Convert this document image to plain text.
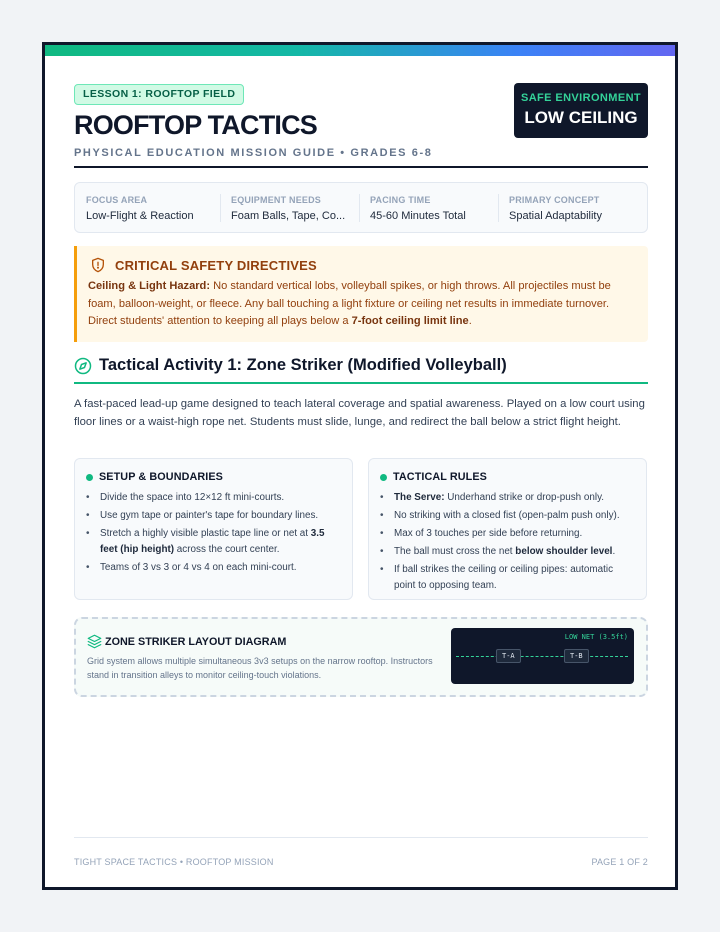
LESSON 1: ROOFTOP FIELD
ROOFTOP TACTICS
PHYSICAL EDUCATION MISSION GUIDE • GRADES 6-8
SAFE ENVIRONMENT
LOW CEILING
FOCUS AREA
Low-Flight & Reaction
EQUIPMENT NEEDS
Foam Balls, Tape, Co...
PACING TIME
45-60 Minutes Total
PRIMARY CONCEPT
Spatial Adaptability
CRITICAL SAFETY DIRECTIVES

Ceiling & Light Hazard: No standard vertical lobs, volleyball spikes, or high throws. All projectiles must be foam, balloon-weight, or fleece. Any ball touching a light fixture or ceiling net results in immediate turnover. Direct students' attention to keeping all plays below a 7-foot ceiling limit line.

Tactical Activity 1: Zone Striker (Modified Volleyball)

A fast-paced lead-up game designed to teach lateral coverage and spatial awareness. Played on a low court using floor lines or a waist-high rope net. Students must slide, lunge, and redirect the ball below a strict flight height.

SETUP & BOUNDARIES
• Divide the space into 12×12 ft mini-courts.
• Use gym tape or painter's tape for boundary lines.
• Stretch a highly visible plastic tape line or net at 3.5 feet (hip height) across the court center.
• Teams of 3 vs 3 or 4 vs 4 on each mini-court.
TACTICAL RULES
• The Serve: Underhand strike or drop-push only.
• No striking with a closed fist (open-palm push only).
• Max of 3 touches per side before returning.
• The ball must cross the net below shoulder level.
• If ball strikes the ceiling or ceiling pipes: automatic point to opposing team.
ZONE STRIKER LAYOUT DIAGRAM

Grid system allows multiple simultaneous 3v3 setups on the narrow rooftop. Instructors stand in transition alleys to monitor ceiling-touch violations.

LOW NET (3.5ft)
T-A	T-B
TIGHT SPACE TACTICS • ROOFTOP MISSION	PAGE 1 OF 2
